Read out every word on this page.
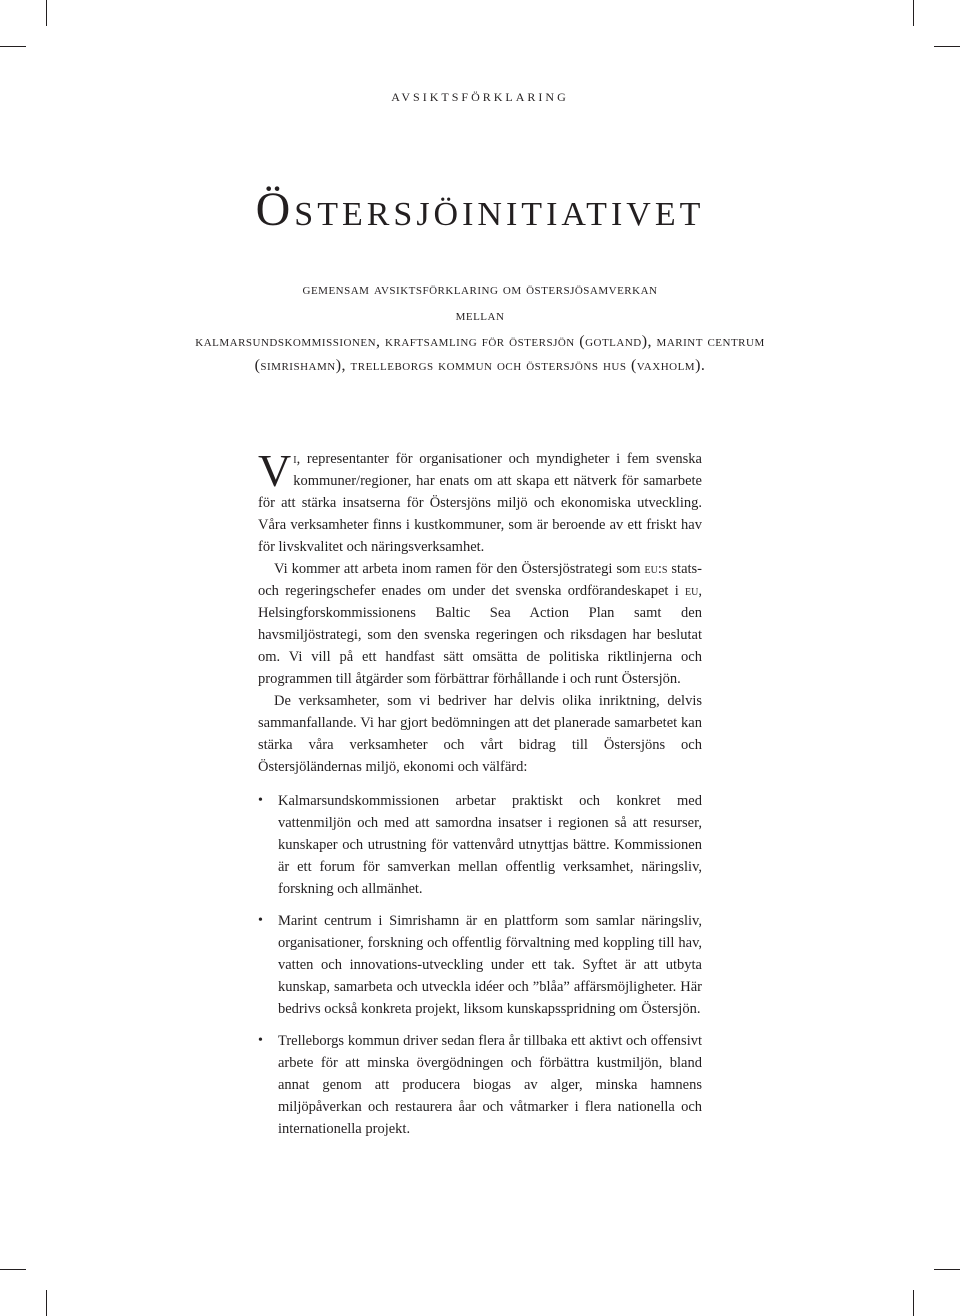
avsiktsförklaring
Östersjöinitiativet
gemensam avsiktsförklaring om östersjösamverkan
mellan
kalmarsundskommissionen, kraftsamling för östersjön (gotland), marint centrum
(simrishamn), trelleborgs kommun och östersjöns hus (vaxholm).

Vi, representanter för organisationer och myndigheter i fem svenska kommuner/regioner, har enats om att skapa ett nätverk för samarbete för att stärka insatserna för Östersjöns miljö och ekonomiska utveckling. Våra verksamheter finns i kustkommuner, som är beroende av ett friskt hav för livskvalitet och näringsverksamhet.

Vi kommer att arbeta inom ramen för den Östersjöstrategi som eu:s stats- och regeringschefer enades om under det svenska ordförandeskapet i eu, Helsingforskommissionens Baltic Sea Action Plan samt den havsmiljöstrategi, som den svenska regeringen och riksdagen har beslutat om. Vi vill på ett handfast sätt omsätta de politiska riktlinjerna och programmen till åtgärder som förbättrar förhållande i och runt Östersjön.

De verksamheter, som vi bedriver har delvis olika inriktning, delvis sammanfallande. Vi har gjort bedömningen att det planerade samarbetet kan stärka våra verksamheter och vårt bidrag till Östersjöns och Östersjöländernas miljö, ekonomi och välfärd:

• Kalmarsundskommissionen arbetar praktiskt och konkret med vattenmiljön och med att samordna insatser i regionen så att resurser, kunskaper och utrustning för vattenvård utnyttjas bättre. Kommissionen är ett forum för samverkan mellan offentlig verksamhet, näringsliv, forskning och allmänhet.
• Marint centrum i Simrishamn är en plattform som samlar näringsliv, organisationer, forskning och offentlig förvaltning med koppling till hav, vatten och innovations-utveckling under ett tak. Syftet är att utbyta kunskap, samarbeta och utveckla idéer och ”blåa” affärsmöjligheter. Här bedrivs också konkreta projekt, liksom kunskapsspridning om Östersjön.
• Trelleborgs kommun driver sedan flera år tillbaka ett aktivt och offensivt arbete för att minska övergödningen och förbättra kustmiljön, bland annat genom att producera biogas av alger, minska hamnens miljöpåverkan och restaurera åar och våtmarker i flera nationella och internationella projekt.
